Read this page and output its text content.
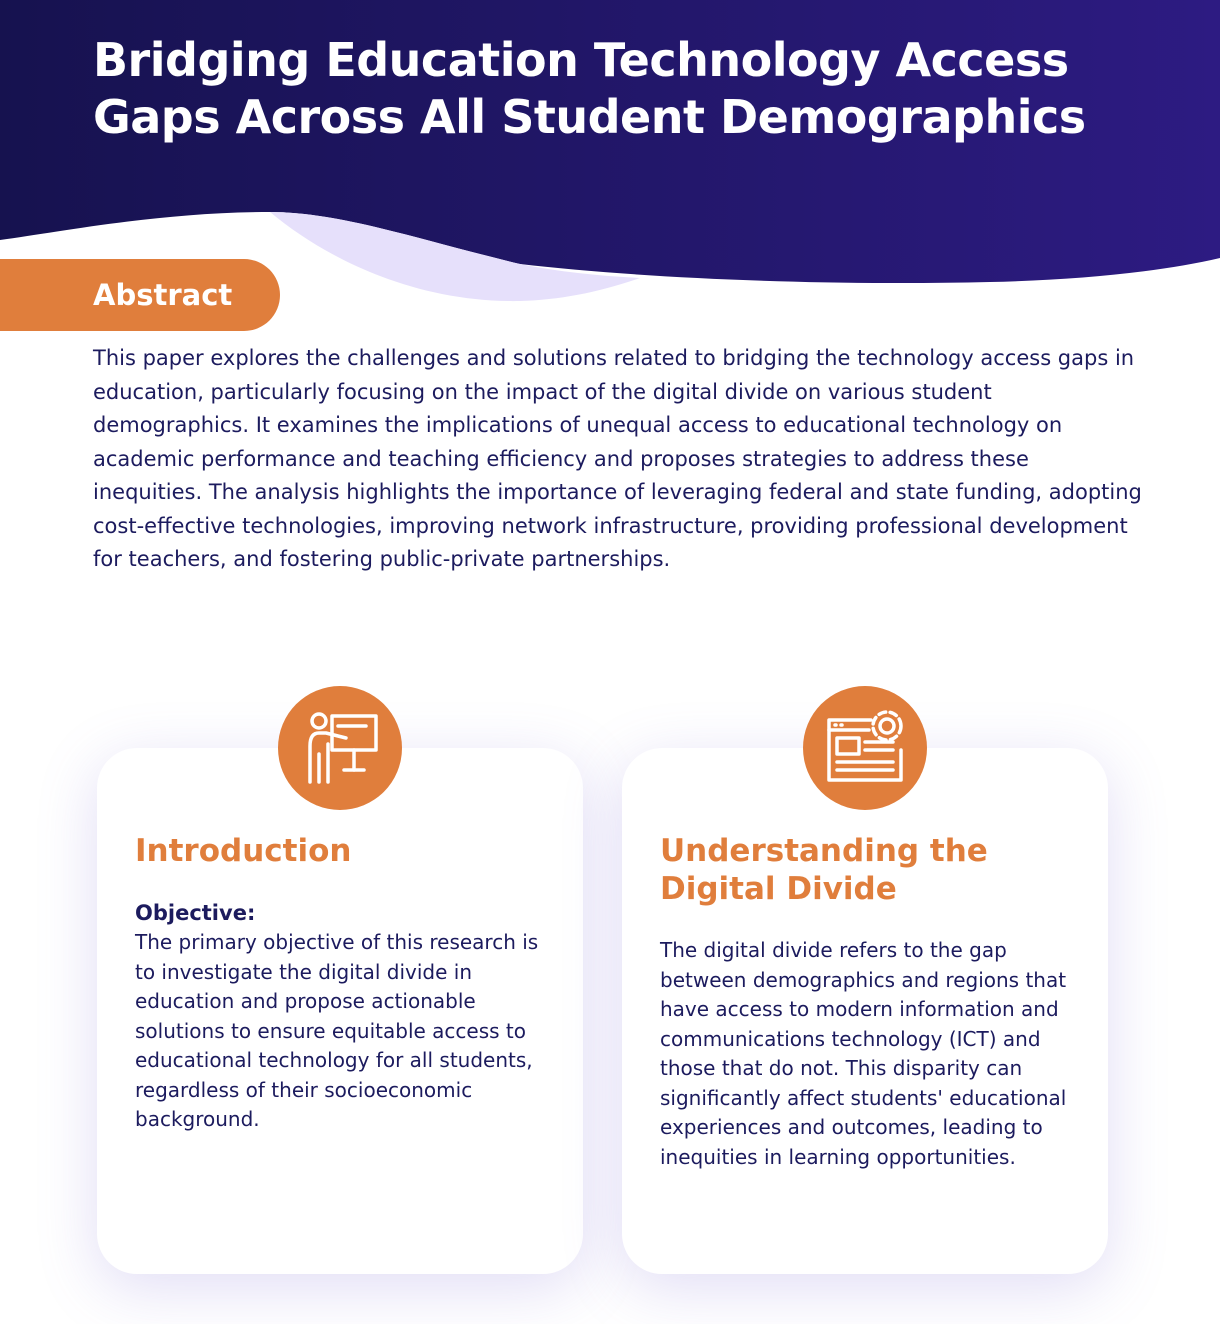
Bridging Education Technology Access Gaps Across All Student Demographics
Abstract

This paper explores the challenges and solutions related to bridging the technology access gaps in education, particularly focusing on the impact of the digital divide on various student demographics. It examines the implications of unequal access to educational technology on academic performance and teaching efficiency and proposes strategies to address these inequities. The analysis highlights the importance of leveraging federal and state funding, adopting cost-effective technologies, improving network infrastructure, providing professional development for teachers, and fostering public-private partnerships.

Introduction
Objective:

The primary objective of this research is to investigate the digital divide in education and propose actionable solutions to ensure equitable access to educational technology for all students, regardless of their socioeconomic background.

Understanding the Digital Divide

The digital divide refers to the gap between demographics and regions that have access to modern information and communications technology (ICT) and those that do not. This disparity can significantly affect students' educational experiences and outcomes, leading to inequities in learning opportunities.
